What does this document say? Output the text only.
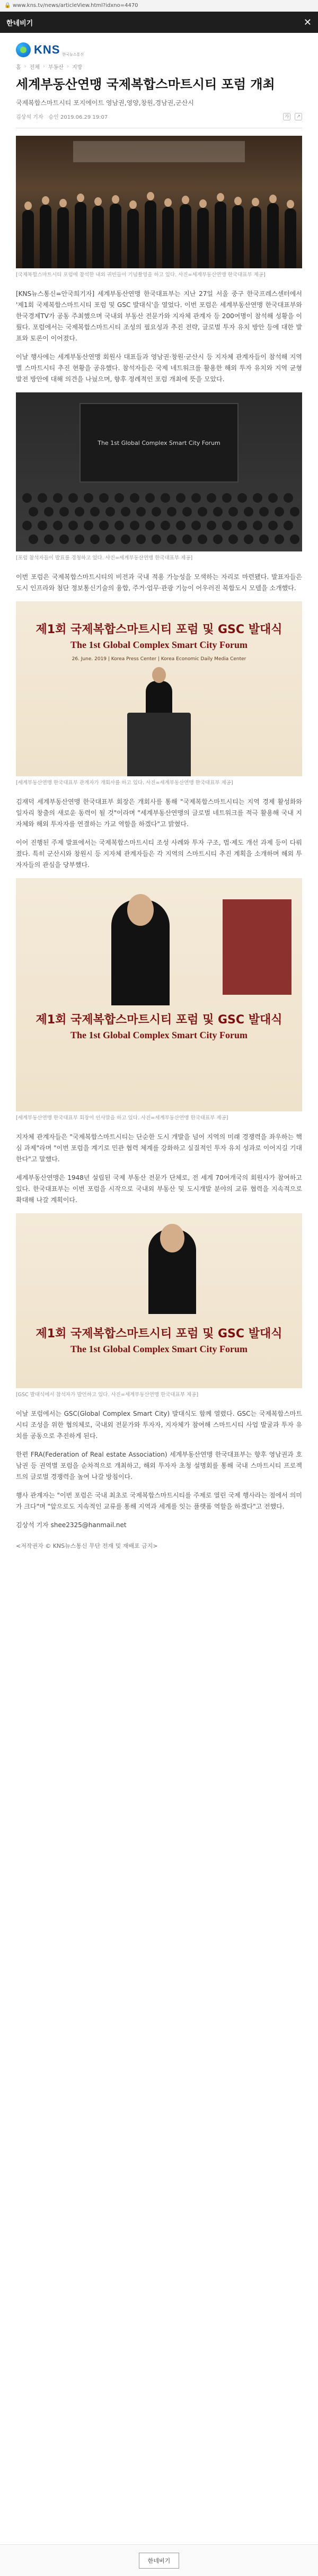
🔒 www.kns.tv/news/articleView.html?idxno=4470
한네비기	✕
KNS 한국뉴스통신
홈 › 전체 › 부동산 › 지방
세계부동산연맹 국제복합스마트시티 포럼 개최
국제복합스마트시티 포지에이트 영남권,영양,창원,경남권,군산시
김상석 기자 승인 2019.06.29 19:07	가	↗
[국제복합스마트시티 포럼에 참석한 내외 귀빈들이 기념촬영을 하고 있다. 사진=세계부동산연맹 한국대표부 제공]

[KNS뉴스통신=안국희기자] 세계부동산연맹 한국대표부는 지난 27일 서울 중구 한국프레스센터에서 '제1회 국제복합스마트시티 포럼 및 GSC 발대식'을 열었다. 이번 포럼은 세계부동산연맹 한국대표부와 한국경제TV가 공동 주최했으며 국내외 부동산 전문가와 지자체 관계자 등 200여명이 참석해 성황을 이뤘다. 포럼에서는 국제복합스마트시티 조성의 필요성과 추진 전략, 글로벌 투자 유치 방안 등에 대한 발표와 토론이 이어졌다.

이날 행사에는 세계부동산연맹 회원사 대표들과 영남권·창원·군산시 등 지자체 관계자들이 참석해 지역별 스마트시티 추진 현황을 공유했다. 참석자들은 국제 네트워크를 활용한 해외 투자 유치와 지역 균형발전 방안에 대해 의견을 나눴으며, 향후 정례적인 포럼 개최에 뜻을 모았다.

The 1st Global Complex Smart City Forum
[포럼 참석자들이 발표를 경청하고 있다. 사진=세계부동산연맹 한국대표부 제공]

이번 포럼은 국제복합스마트시티의 비전과 국내 적용 가능성을 모색하는 자리로 마련됐다. 발표자들은 도시 인프라와 첨단 정보통신기술의 융합, 주거·업무·관광 기능이 어우러진 복합도시 모델을 소개했다.

제1회 국제복합스마트시티 포럼 및 GSC 발대식
The 1st Global Complex Smart City Forum
26. June. 2019 | Korea Press Center | Korea Economic Daily Media Center
[세계부동산연맹 한국대표부 관계자가 개회사를 하고 있다. 사진=세계부동산연맹 한국대표부 제공]

김재덕 세계부동산연맹 한국대표부 회장은 개회사를 통해 "국제복합스마트시티는 지역 경제 활성화와 일자리 창출의 새로운 동력이 될 것"이라며 "세계부동산연맹의 글로벌 네트워크를 적극 활용해 국내 지자체와 해외 투자자를 연결하는 가교 역할을 하겠다"고 밝혔다.

이어 진행된 주제 발표에서는 국제복합스마트시티 조성 사례와 투자 구조, 법·제도 개선 과제 등이 다뤄졌다. 특히 군산시와 창원시 등 지자체 관계자들은 각 지역의 스마트시티 추진 계획을 소개하며 해외 투자자들의 관심을 당부했다.

제1회 국제복합스마트시티 포럼 및 GSC 발대식
The 1st Global Complex Smart City Forum
[세계부동산연맹 한국대표부 회장이 인사말을 하고 있다. 사진=세계부동산연맹 한국대표부 제공]

지자체 관계자들은 "국제복합스마트시티는 단순한 도시 개발을 넘어 지역의 미래 경쟁력을 좌우하는 핵심 과제"라며 "이번 포럼을 계기로 민관 협력 체계를 강화하고 실질적인 투자 유치 성과로 이어지길 기대한다"고 말했다.

세계부동산연맹은 1948년 설립된 국제 부동산 전문가 단체로, 전 세계 70여개국의 회원사가 참여하고 있다. 한국대표부는 이번 포럼을 시작으로 국내외 부동산 및 도시개발 분야의 교류 협력을 지속적으로 확대해 나갈 계획이다.

제1회 국제복합스마트시티 포럼 및 GSC 발대식
The 1st Global Complex Smart City Forum
[GSC 발대식에서 참석자가 발언하고 있다. 사진=세계부동산연맹 한국대표부 제공]

이날 포럼에서는 GSC(Global Complex Smart City) 발대식도 함께 열렸다. GSC는 국제복합스마트시티 조성을 위한 협의체로, 국내외 전문가와 투자자, 지자체가 참여해 스마트시티 사업 발굴과 투자 유치를 공동으로 추진하게 된다.

한편 FRA(Federation of Real estate Association) 세계부동산연맹 한국대표부는 향후 영남권과 호남권 등 권역별 포럼을 순차적으로 개최하고, 해외 투자자 초청 설명회를 통해 국내 스마트시티 프로젝트의 글로벌 경쟁력을 높여 나갈 방침이다.

행사 관계자는 "이번 포럼은 국내 최초로 국제복합스마트시티를 주제로 열린 국제 행사라는 점에서 의미가 크다"며 "앞으로도 지속적인 교류를 통해 지역과 세계를 잇는 플랫폼 역할을 하겠다"고 전했다.

김상석 기자 shee2325@hanmail.net

<저작권자 © KNS뉴스통신 무단 전재 및 재배포 금지>
한네비기
